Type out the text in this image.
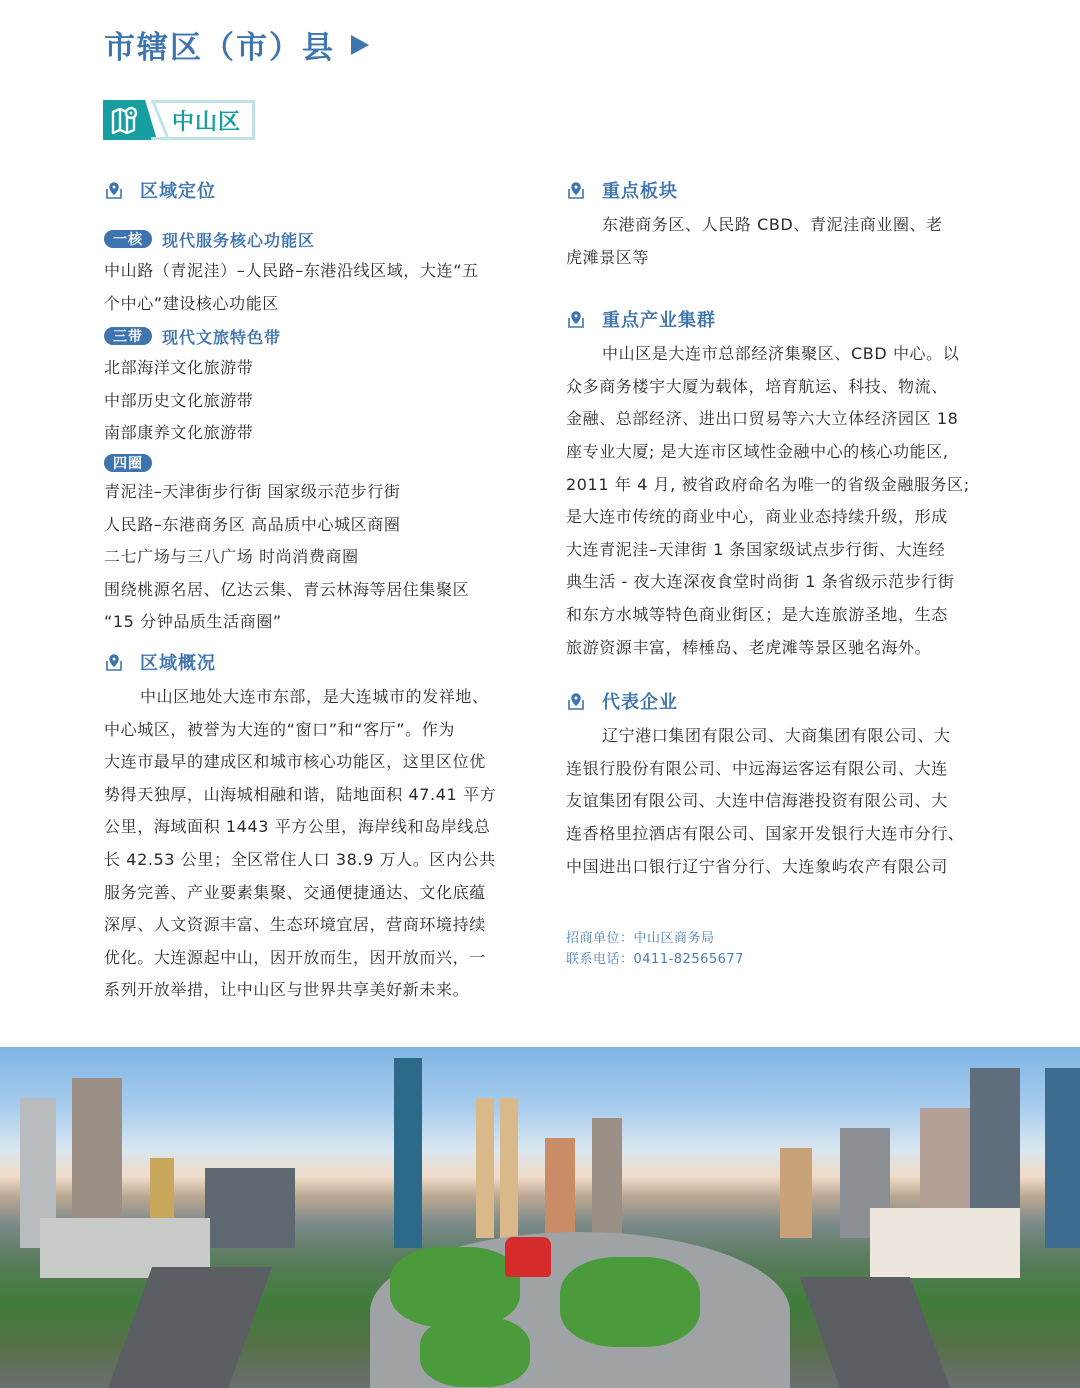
市辖区（市）县
中山区
区域定位
一核	现代服务核心功能区
中山路（青泥洼）–人民路–东港沿线区域，大连“五
个中心”建设核心功能区
三带	现代文旅特色带
北部海洋文化旅游带
中部历史文化旅游带
南部康养文化旅游带
四圈
青泥洼–天津街步行街 国家级示范步行街
人民路–东港商务区 高品质中心城区商圈
二七广场与三八广场 时尚消费商圈
围绕桃源名居、亿达云集、青云林海等居住集聚区
“15 分钟品质生活商圈”
区域概况
中山区地处大连市东部，是大连城市的发祥地、
中心城区，被誉为大连的“窗口”和“客厅”。作为
大连市最早的建成区和城市核心功能区，这里区位优
势得天独厚，山海城相融和谐，陆地面积 47.41 平方
公里，海域面积 1443 平方公里，海岸线和岛岸线总
长 42.53 公里；全区常住人口 38.9 万人。区内公共
服务完善、产业要素集聚、交通便捷通达、文化底蕴
深厚、人文资源丰富、生态环境宜居，营商环境持续
优化。大连源起中山，因开放而生，因开放而兴，一
系列开放举措，让中山区与世界共享美好新未来。
重点板块
东港商务区、人民路 CBD、青泥洼商业圈、老
虎滩景区等
重点产业集群
中山区是大连市总部经济集聚区、CBD 中心。以
众多商务楼宇大厦为载体，培育航运、科技、物流、
金融、总部经济、进出口贸易等六大立体经济园区 18
座专业大厦; 是大连市区域性金融中心的核心功能区,
2011 年 4 月, 被省政府命名为唯一的省级金融服务区;
是大连市传统的商业中心，商业业态持续升级，形成
大连青泥洼–天津街 1 条国家级试点步行街、大连经
典生活 - 夜大连深夜食堂时尚街 1 条省级示范步行街
和东方水城等特色商业街区；是大连旅游圣地，生态
旅游资源丰富，棒棰岛、老虎滩等景区驰名海外。
代表企业
辽宁港口集团有限公司、大商集团有限公司、大
连银行股份有限公司、中远海运客运有限公司、大连
友谊集团有限公司、大连中信海港投资有限公司、大
连香格里拉酒店有限公司、国家开发银行大连市分行、
中国进出口银行辽宁省分行、大连象屿农产有限公司
招商单位：中山区商务局
联系电话：0411-82565677
